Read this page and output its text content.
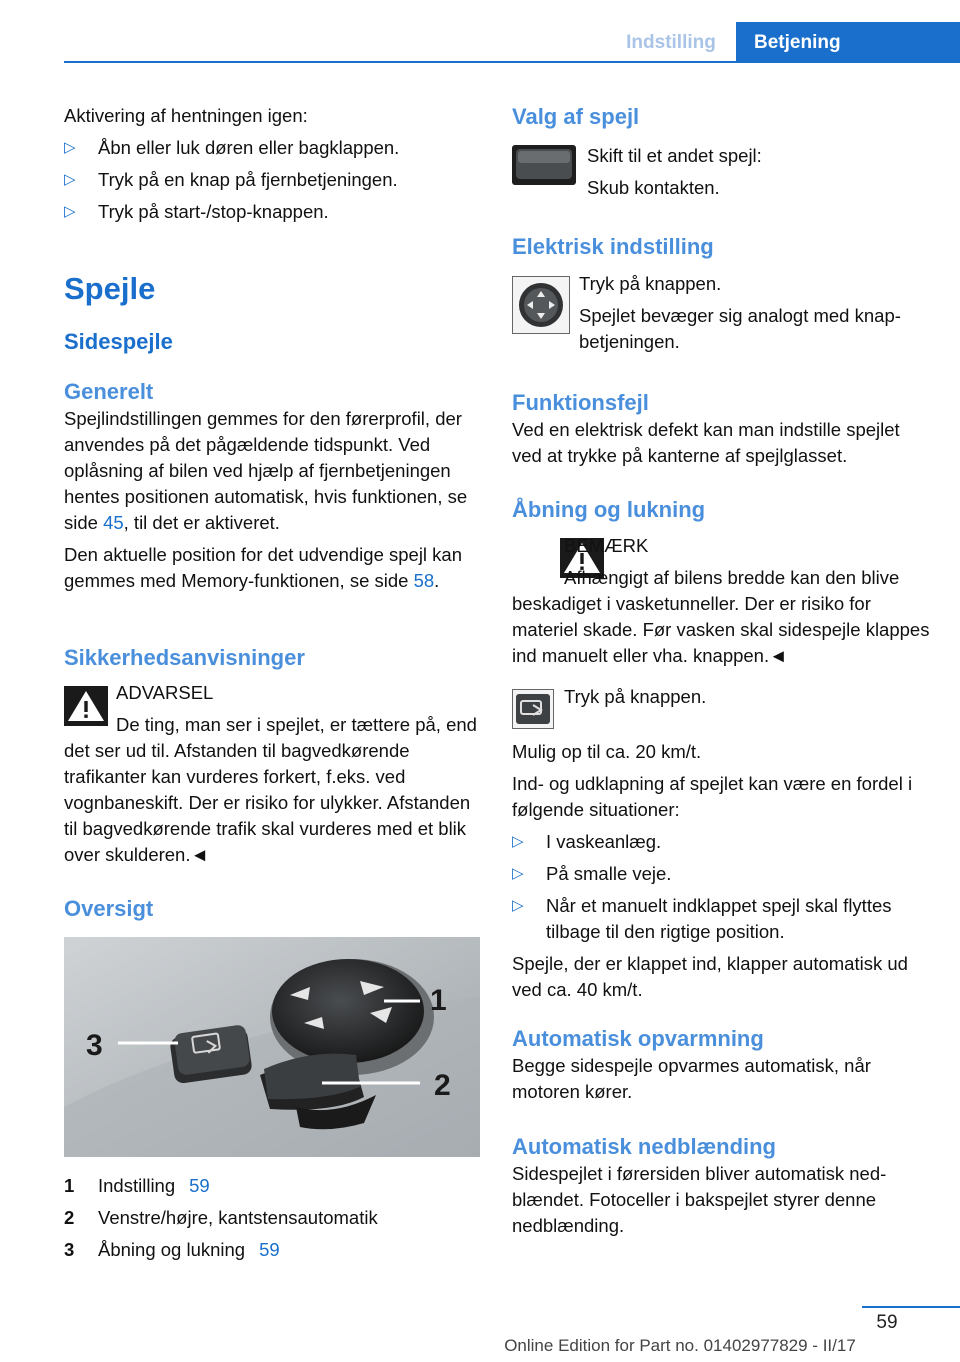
Indstilling	Betjening

Aktivering af hentningen igen:

▷ Åbn eller luk døren eller bagklappen.
▷ Tryk på en knap på fjernbetjeningen.
▷ Tryk på start-/stop-knappen.
Spejle
Sidespejle
Generelt

Spejlindstillingen gemmes for den førerprofil, der anvendes på det pågældende tidspunkt. Ved oplåsning af bilen ved hjælp af fjernbetjeningen hentes positionen automatisk, hvis funktionen, se side 45, til det er aktiveret.

Den aktuelle position for det udvendige spejl kan gemmes med Memory-funktionen, se side 58.

Sikkerhedsanvisninger

ADVARSEL
De ting, man ser i spejlet, er tættere på, end det ser ud til. Afstanden til bagvedkørende trafikanter kan vurderes forkert, f.eks. ved vognbaneskift. Der er risiko for ulykker. Afstanden til bagvedkørende trafik skal vurderes med et blik over skulderen.◄
Oversigt
1
2
3
1	Indstilling 59
2	Venstre/højre, kantstensautomatik
3	Åbning og lukning 59
Valg af spejl
Skift til et andet spejl:
Skub kontakten.
Elektrisk indstilling
Tryk på knappen.
Spejlet bevæger sig analogt med knapbetjeningen.
Funktionsfejl

Ved en elektrisk defekt kan man indstille spejlet ved at trykke på kanterne af spejlglasset.

Åbning og lukning
BEMÆRK
Afhængigt af bilens bredde kan den blive beskadiget i vasketunneller. Der er risiko for materiel skade. Før vasken skal sidespejle klappes ind manuelt eller vha. knappen.◄
Tryk på knappen.

Mulig op til ca. 20 km/t.

Ind- og udklapning af spejlet kan være en fordel i følgende situationer:

▷ I vaskeanlæg.
▷ På smalle veje.
▷ Når et manuelt indklappet spejl skal flyttes tilbage til den rigtige position.

Spejle, der er klappet ind, klapper automatisk ud ved ca. 40 km/t.

Automatisk opvarmning

Begge sidespejle opvarmes automatisk, når motoren kører.

Automatisk nedblænding

Sidespejlet i førersiden bliver automatisk nedblændet. Fotoceller i bakspejlet styrer denne nedblænding.

59
Online Edition for Part no. 01402977829 - II/17
